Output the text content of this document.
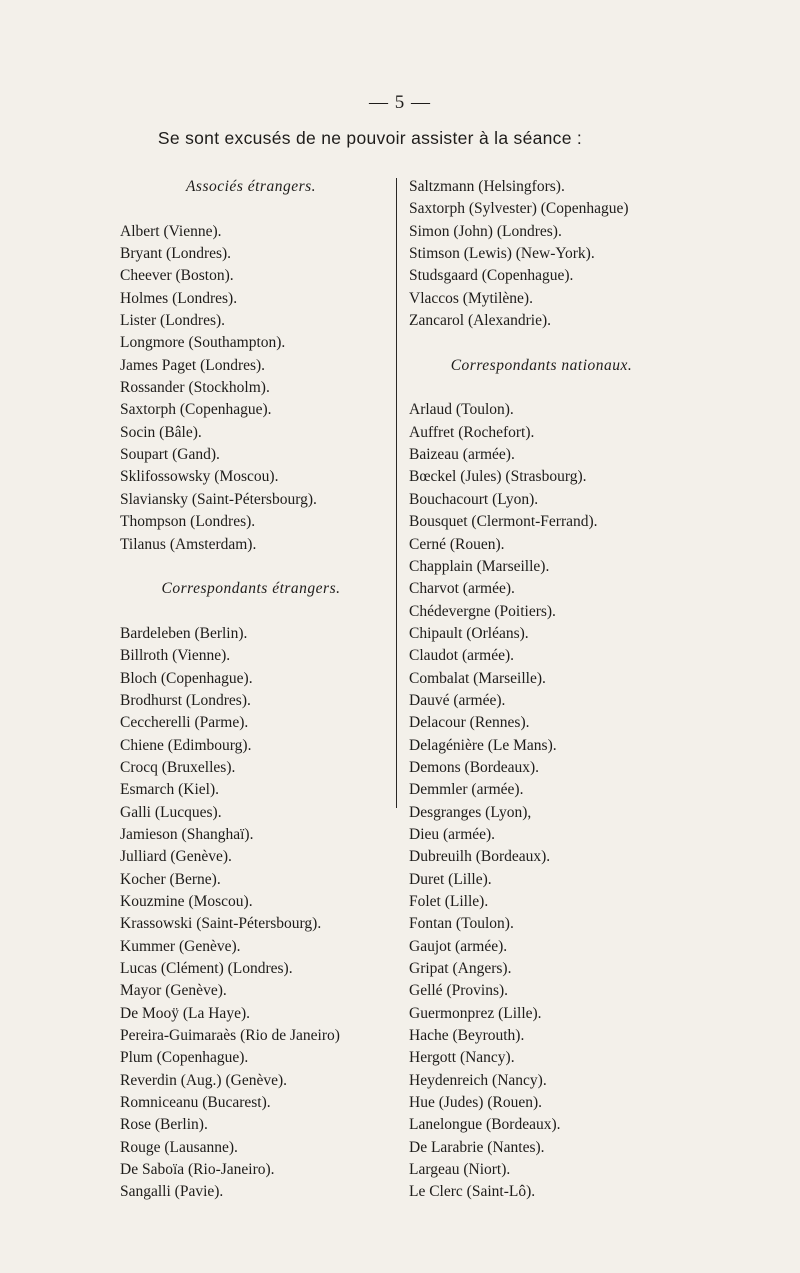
— 5 —
Se sont excusés de ne pouvoir assister à la séance :
Associés étrangers.
Albert (Vienne).
Bryant (Londres).
Cheever (Boston).
Holmes (Londres).
Lister (Londres).
Longmore (Southampton).
James Paget (Londres).
Rossander (Stockholm).
Saxtorph (Copenhague).
Socin (Bâle).
Soupart (Gand).
Sklifossowsky (Moscou).
Slaviansky (Saint-Pétersbourg).
Thompson (Londres).
Tilanus (Amsterdam).
Correspondants étrangers.
Bardeleben (Berlin).
Billroth (Vienne).
Bloch (Copenhague).
Brodhurst (Londres).
Ceccherelli (Parme).
Chiene (Edimbourg).
Crocq (Bruxelles).
Esmarch (Kiel).
Galli (Lucques).
Jamieson (Shanghaï).
Julliard (Genève).
Kocher (Berne).
Kouzmine (Moscou).
Krassowski (Saint-Pétersbourg).
Kummer (Genève).
Lucas (Clément) (Londres).
Mayor (Genève).
De Mooÿ (La Haye).
Pereira-Guimaraès (Rio de Janeiro)
Plum (Copenhague).
Reverdin (Aug.) (Genève).
Romniceanu (Bucarest).
Rose (Berlin).
Rouge (Lausanne).
De Saboïa (Rio-Janeiro).
Sangalli (Pavie).
Saltzmann (Helsingfors).
Saxtorph (Sylvester) (Copenhague)
Simon (John) (Londres).
Stimson (Lewis) (New-York).
Studsgaard (Copenhague).
Vlaccos (Mytilène).
Zancarol (Alexandrie).
Correspondants nationaux.
Arlaud (Toulon).
Auffret (Rochefort).
Baizeau (armée).
Bœckel (Jules) (Strasbourg).
Bouchacourt (Lyon).
Bousquet (Clermont-Ferrand).
Cerné (Rouen).
Chapplain (Marseille).
Charvot (armée).
Chédevergne (Poitiers).
Chipault (Orléans).
Claudot (armée).
Combalat (Marseille).
Dauvé (armée).
Delacour (Rennes).
Delagénière (Le Mans).
Demons (Bordeaux).
Demmler (armée).
Desgranges (Lyon),
Dieu (armée).
Dubreuilh (Bordeaux).
Duret (Lille).
Folet (Lille).
Fontan (Toulon).
Gaujot (armée).
Gripat (Angers).
Gellé (Provins).
Guermonprez (Lille).
Hache (Beyrouth).
Hergott (Nancy).
Heydenreich (Nancy).
Hue (Judes) (Rouen).
Lanelongue (Bordeaux).
De Larabrie (Nantes).
Largeau (Niort).
Le Clerc (Saint-Lô).
